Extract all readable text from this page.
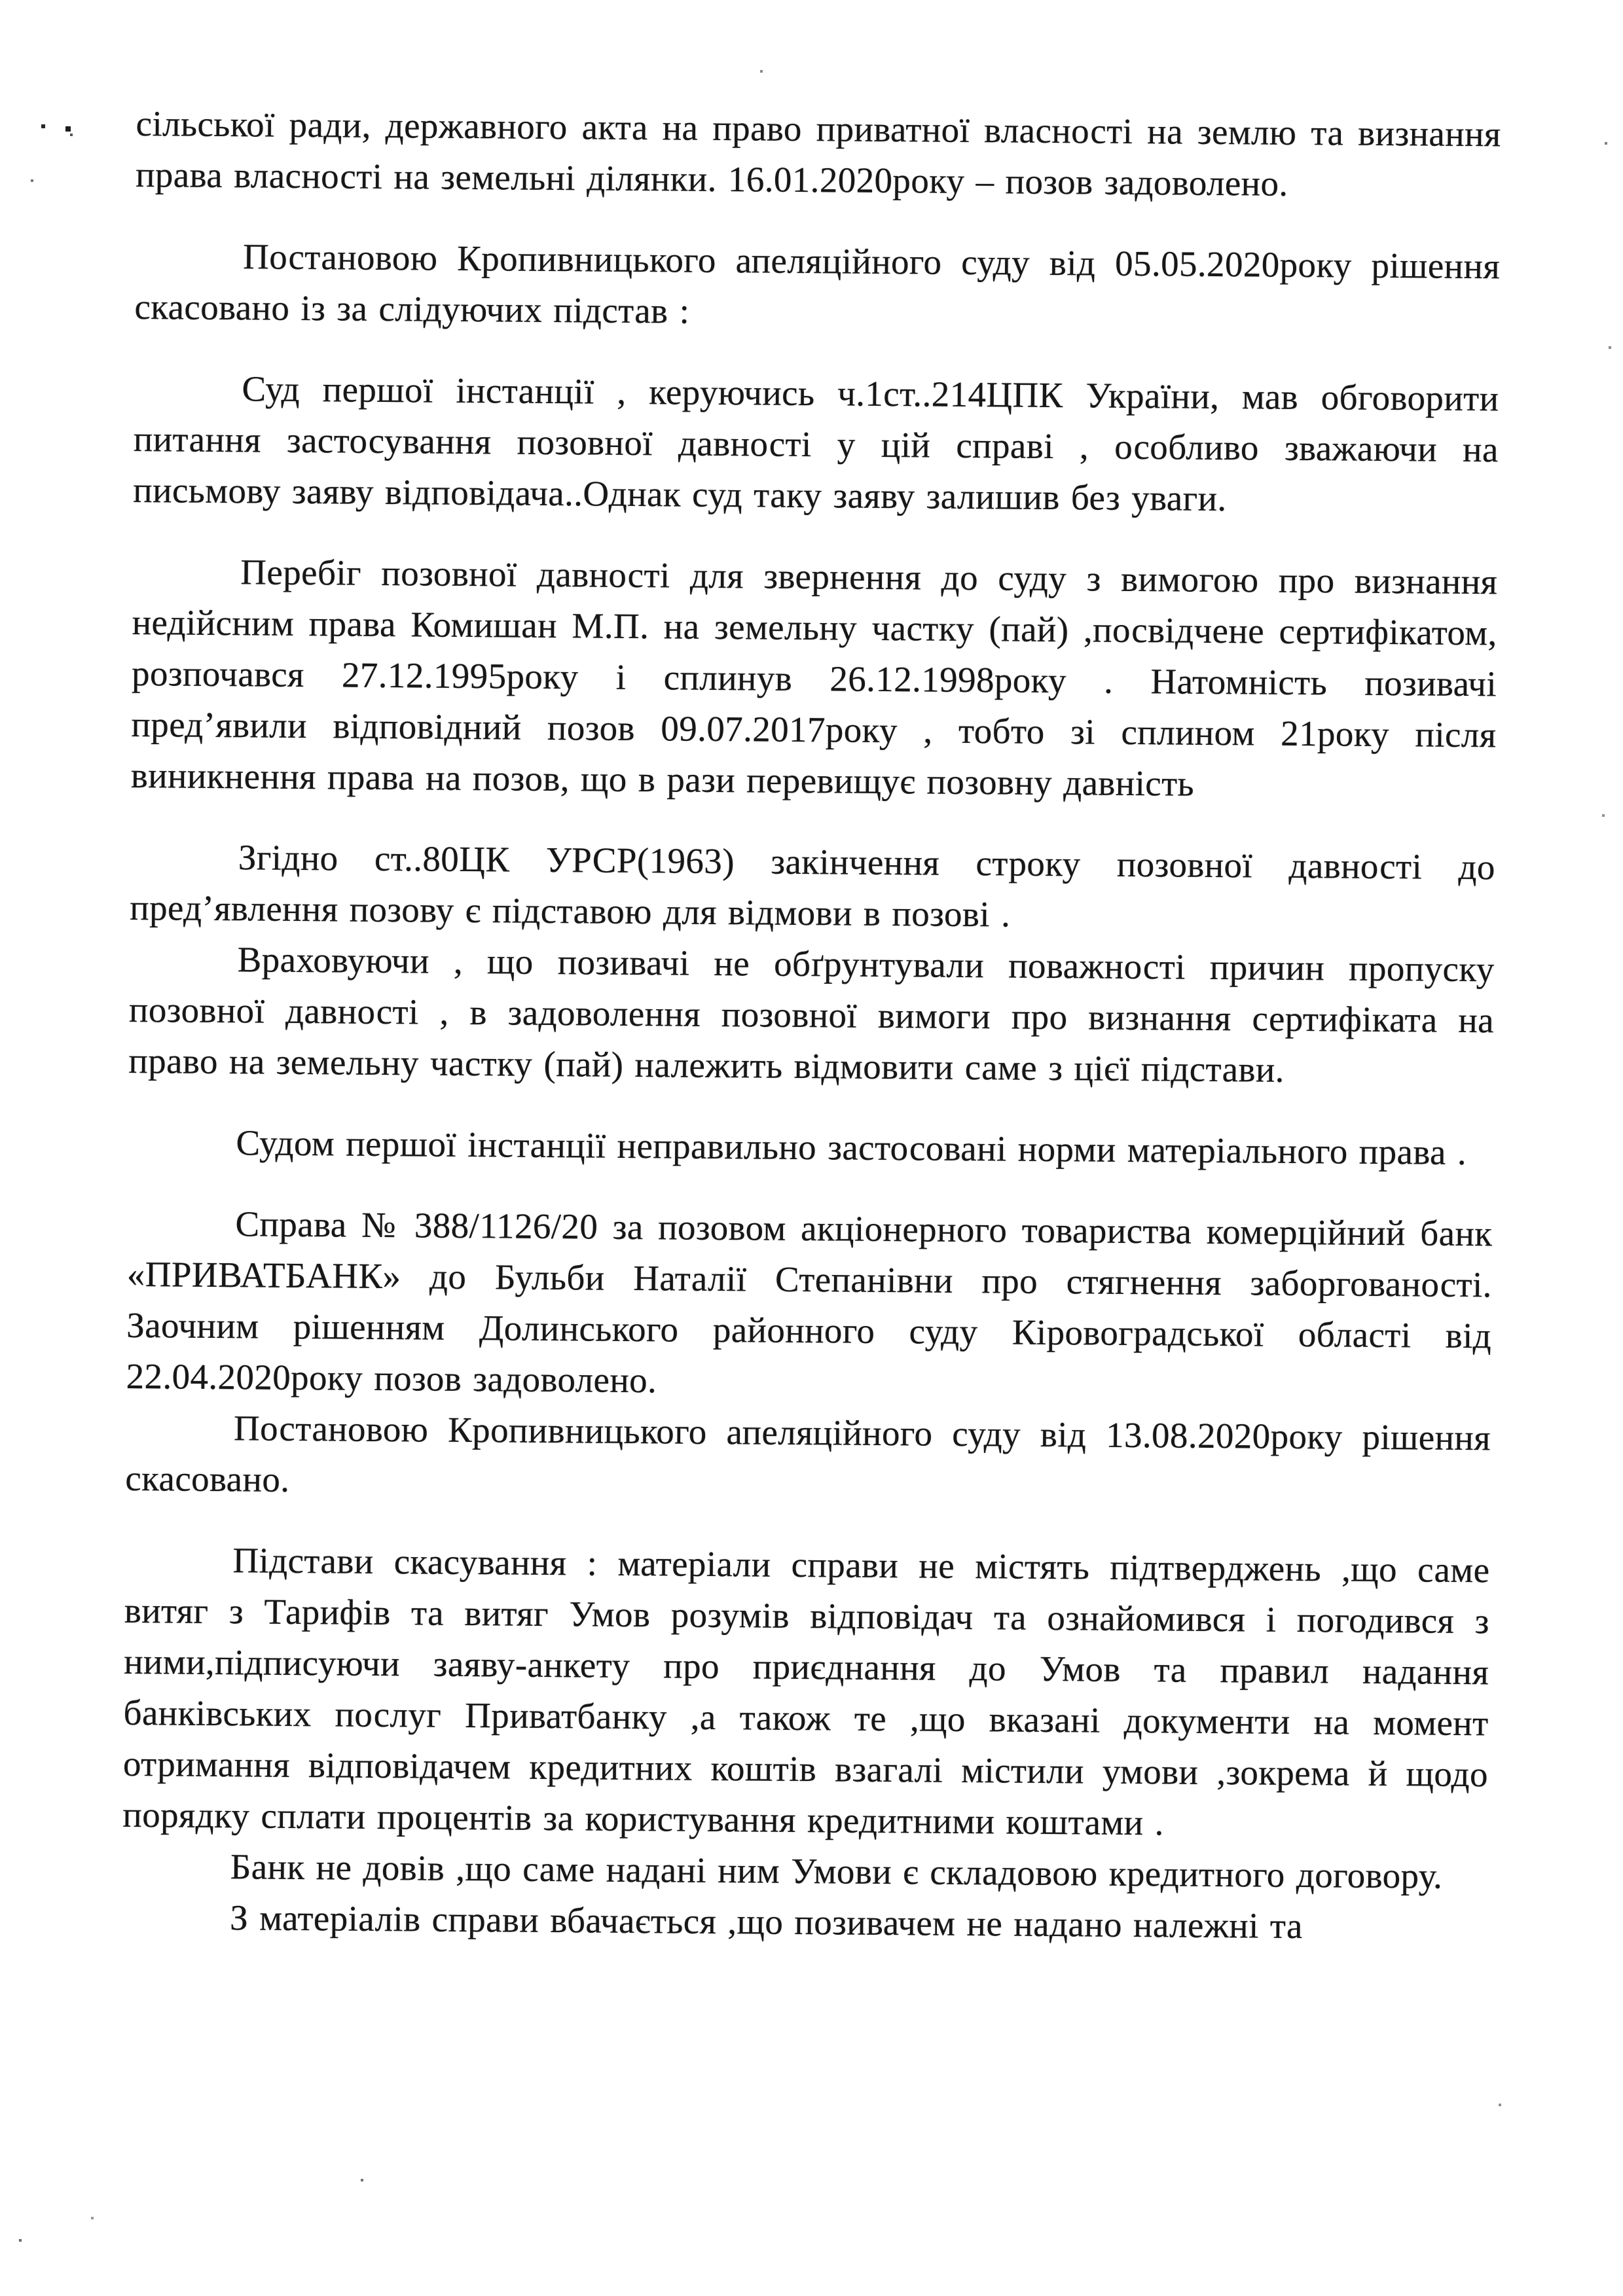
сільської ради, державного акта на право приватної власності на землю та визнання права власності на земельні ділянки. 16.01.2020року – позов задоволено.

Постановою Кропивницького апеляційного суду від 05.05.2020року рішення скасовано із за слідуючих підстав :

Суд першої інстанції , керуючись ч.1ст..214ЦПК України, мав обговорити питання застосування позовної давності у цій справі , особливо зважаючи на письмову заяву відповідача..Однак суд таку заяву залишив без уваги.

Перебіг позовної давності для звернення до суду з вимогою про визнання недійсним права Комишан М.П. на земельну частку (пай) ,посвідчене сертифікатом, розпочався 27.12.1995року і сплинув 26.12.1998року . Натомність позивачі пред’явили відповідний позов 09.07.2017року , тобто зі сплином 21року після виникнення права на позов, що в рази перевищує позовну давність

Згідно ст..80ЦК УРСР(1963) закінчення строку позовної давності до пред’явлення позову є підставою для відмови в позові .

Враховуючи , що позивачі не обґрунтували поважності причин пропуску позовної давності , в задоволення позовної вимоги про визнання сертифіката на право на земельну частку (пай) належить відмовити саме з цієї підстави.

Судом першої інстанції неправильно застосовані норми матеріального права .

Справа № 388/1126/20 за позовом акціонерного товариства комерційний банк «ПРИВАТБАНК» до Бульби Наталії Степанівни про стягнення заборгованості. Заочним рішенням Долинського районного суду Кіровоградської області від 22.04.2020року позов задоволено.

Постановою Кропивницького апеляційного суду від 13.08.2020року рішення скасовано.

Підстави скасування : матеріали справи не містять підтверджень ,що саме витяг з Тарифів та витяг Умов розумів відповідач та ознайомився і погодився з ними,підписуючи заяву-анкету про приєднання до Умов та правил надання банківських послуг Приватбанку ,а також те ,що вказані документи на момент отримання відповідачем кредитних коштів взагалі містили умови ,зокрема й щодо порядку сплати процентів за користування кредитними коштами .

Банк не довів ,що саме надані ним Умови є складовою кредитного договору.

З матеріалів справи вбачається ,що позивачем не надано належні та
